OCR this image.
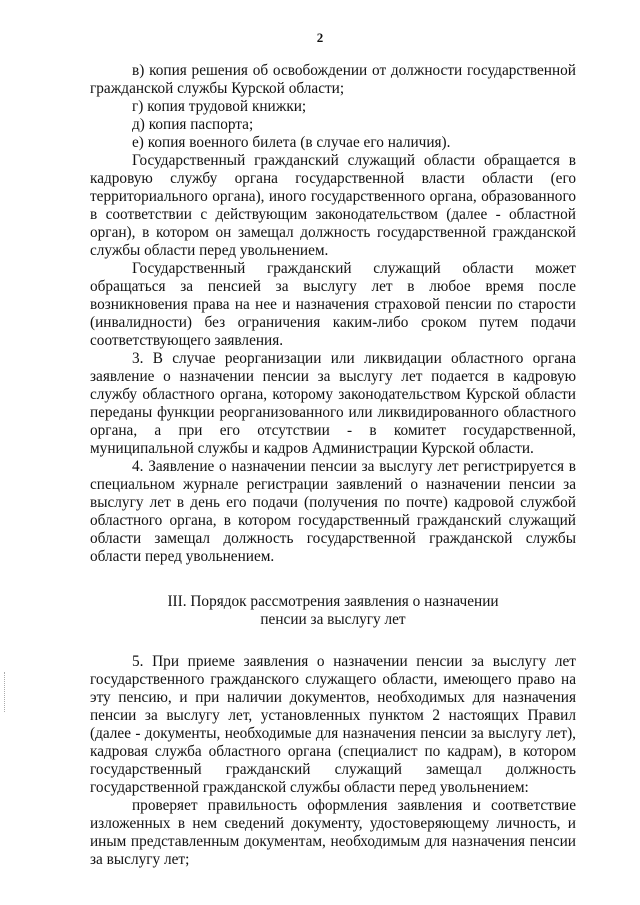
2

в) копия решения об освобождении от должности государственной гражданской службы Курской области;

г) копия трудовой книжки;

д) копия паспорта;

е) копия военного билета (в случае его наличия).

Государственный гражданский служащий области обращается в кадровую службу органа государственной власти области (его территориального органа), иного государственного органа, образованного в соответствии с действующим законодательством (далее - областной орган), в котором он замещал должность государственной гражданской службы области перед увольнением.

Государственный гражданский служащий области может обращаться за пенсией за выслугу лет в любое время после возникновения права на нее и назначения страховой пенсии по старости (инвалидности) без ограничения каким-либо сроком путем подачи соответствующего заявления.

3. В случае реорганизации или ликвидации областного органа заявление о назначении пенсии за выслугу лет подается в кадровую службу областного органа, которому законодательством Курской области переданы функции реорганизованного или ликвидированного областного органа, а при его отсутствии - в комитет государственной, муниципальной службы и кадров Администрации Курской области.

4. Заявление о назначении пенсии за выслугу лет регистрируется в специальном журнале регистрации заявлений о назначении пенсии за выслугу лет в день его подачи (получения по почте) кадровой службой областного органа, в котором государственный гражданский служащий области замещал должность государственной гражданской службы области перед увольнением.

III. Порядок рассмотрения заявления о назначении
пенсии за выслугу лет

5. При приеме заявления о назначении пенсии за выслугу лет государственного гражданского служащего области, имеющего право на эту пенсию, и при наличии документов, необходимых для назначения пенсии за выслугу лет, установленных пунктом 2 настоящих Правил (далее - документы, необходимые для назначения пенсии за выслугу лет), кадровая служба областного органа (специалист по кадрам), в котором государственный гражданский служащий замещал должность государственной гражданской службы области перед увольнением:

проверяет правильность оформления заявления и соответствие изложенных в нем сведений документу, удостоверяющему личность, и иным представленным документам, необходимым для назначения пенсии за выслугу лет;
